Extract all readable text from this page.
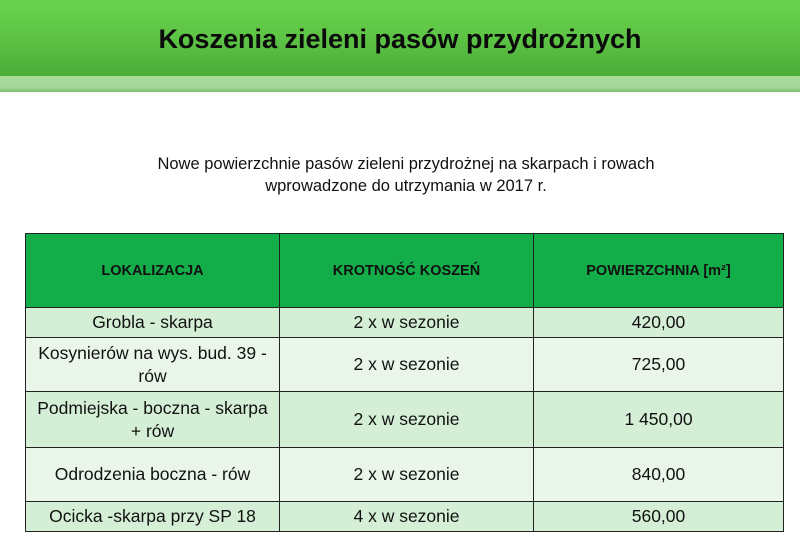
Koszenia zieleni pasów przydrożnych

Nowe powierzchnie pasów zieleni przydrożnej na skarpach i rowach
wprowadzone do utrzymania w 2017 r.

LOKALIZACJA	KROTNOŚĆ KOSZEŃ	POWIERZCHNIA [m²]
Grobla - skarpa	2 x w sezonie	420,00
Kosynierów na wys. bud. 39 - rów	2 x w sezonie	725,00
Podmiejska - boczna - skarpa + rów	2 x w sezonie	1 450,00
Odrodzenia boczna - rów	2 x w sezonie	840,00
Ocicka -skarpa przy SP 18	4 x w sezonie	560,00
